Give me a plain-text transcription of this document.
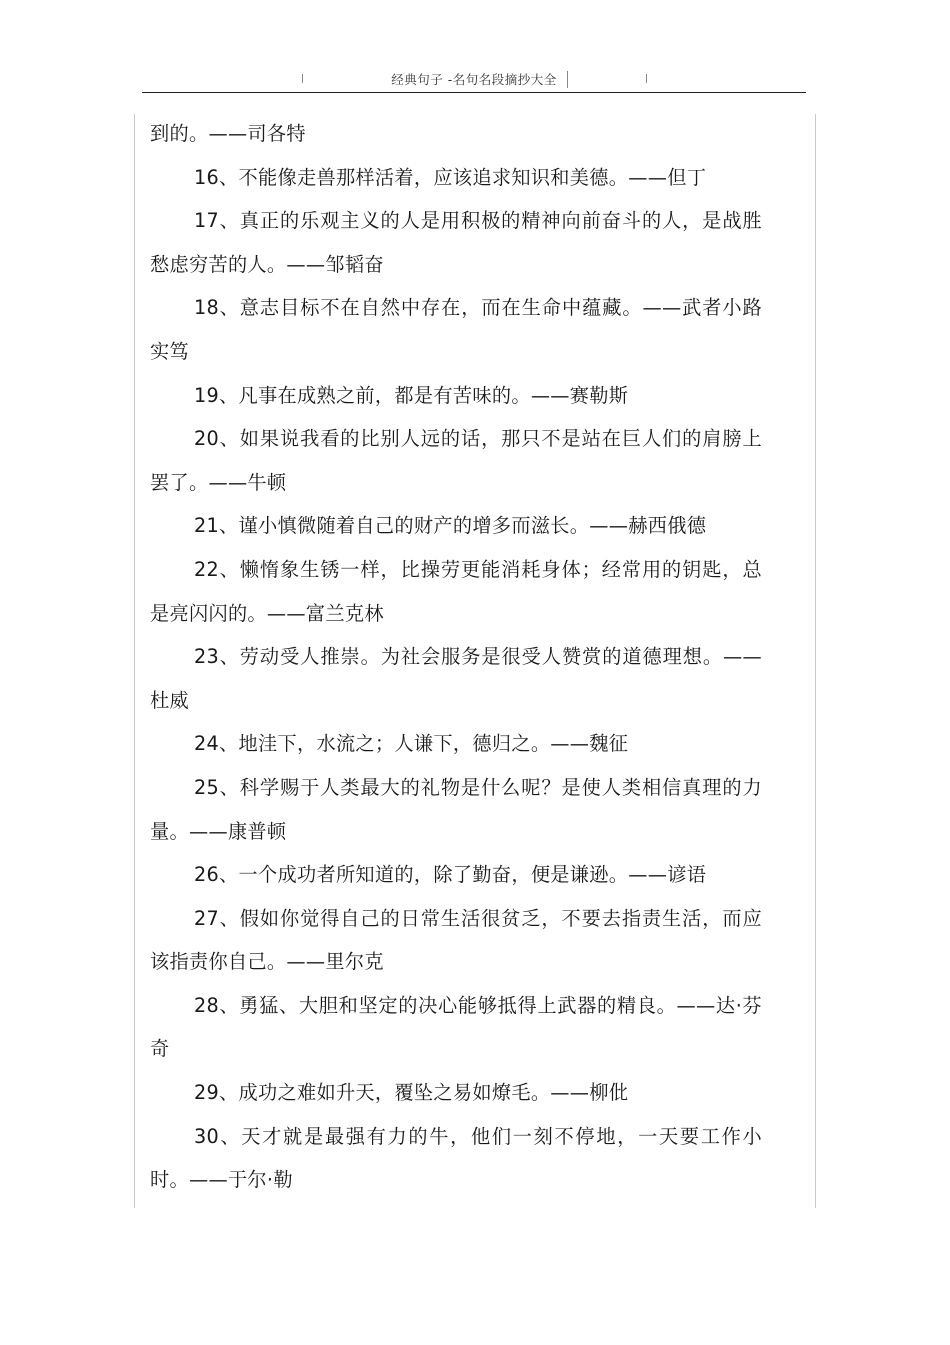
经典句子 -名句名段摘抄大全

到的。——司各特

16、不能像走兽那样活着，应该追求知识和美德。——但丁

17、真正的乐观主义的人是用积极的精神向前奋斗的人，是战胜愁虑穷苦的人。——邹韬奋

18、意志目标不在自然中存在，而在生命中蕴藏。——武者小路实笃

19、凡事在成熟之前，都是有苦味的。——赛勒斯

20、如果说我看的比别人远的话，那只不是站在巨人们的肩膀上罢了。——牛顿

21、谨小慎微随着自己的财产的增多而滋长。——赫西俄德

22、懒惰象生锈一样，比操劳更能消耗身体；经常用的钥匙，总是亮闪闪的。——富兰克林

23、劳动受人推崇。为社会服务是很受人赞赏的道德理想。——杜威

24、地洼下，水流之；人谦下，德归之。——魏征

25、科学赐于人类最大的礼物是什么呢？是使人类相信真理的力量。——康普顿

26、一个成功者所知道的，除了勤奋，便是谦逊。——谚语

27、假如你觉得自己的日常生活很贫乏，不要去指责生活，而应该指责你自己。——里尔克

28、勇猛、大胆和坚定的决心能够抵得上武器的精良。——达·芬奇

29、成功之难如升天，覆坠之易如燎毛。——柳仳

30、天才就是最强有力的牛，他们一刻不停地，一天要工作小时。——于尔·勒
